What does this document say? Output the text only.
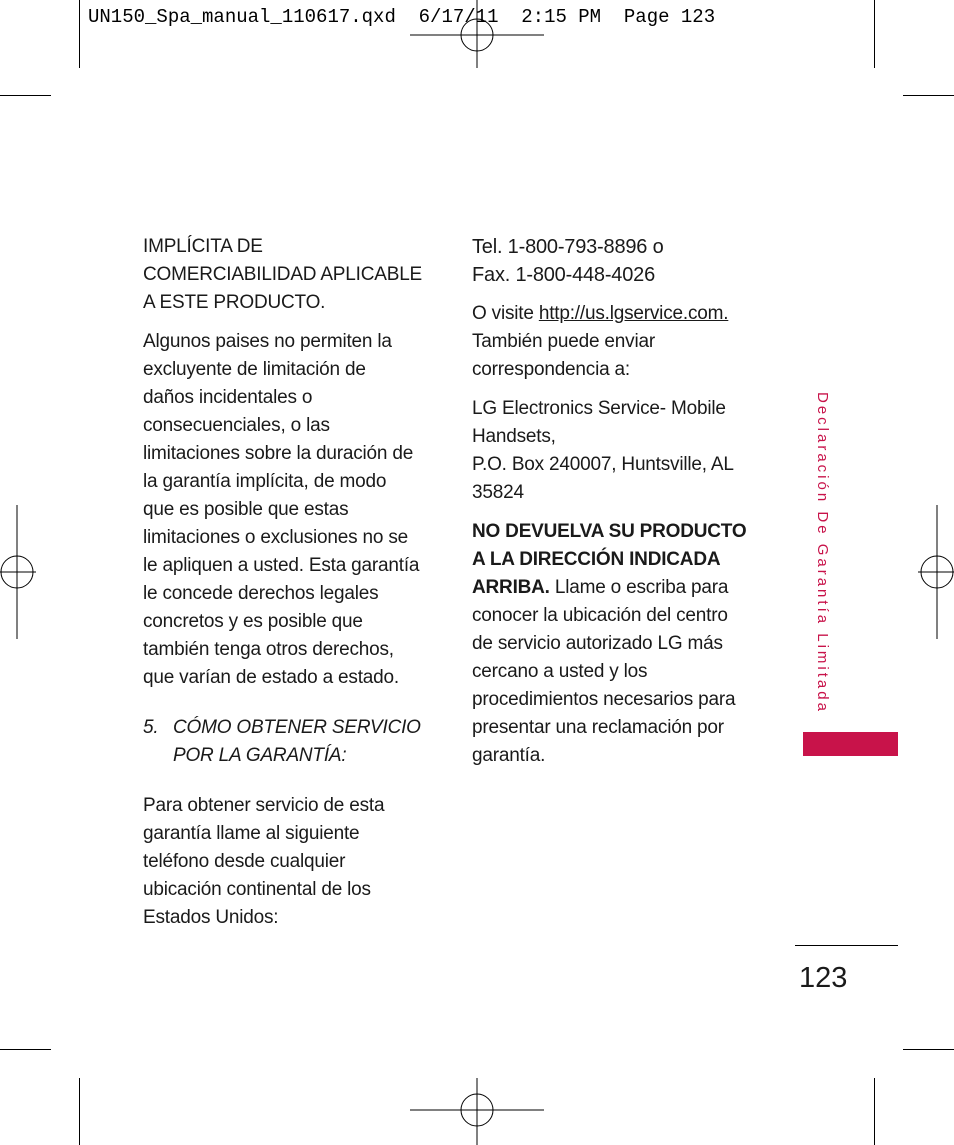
UN150_Spa_manual_110617.qxd  6/17/11  2:15 PM  Page 123

IMPLÍCITA DE
COMERCIABILIDAD APLICABLE
A ESTE PRODUCTO.

Algunos paises no permiten la
excluyente de limitación de
daños incidentales o
consecuenciales, o las
limitaciones sobre la duración de
la garantía implícita, de modo
que es posible que estas
limitaciones o exclusiones no se
le apliquen a usted. Esta garantía
le concede derechos legales
concretos y es posible que
también tenga otros derechos,
que varían de estado a estado.

5. CÓMO OBTENER SERVICIO
POR LA GARANTÍA:

Para obtener servicio de esta
garantía llame al siguiente
teléfono desde cualquier
ubicación continental de los
Estados Unidos:

Tel. 1-800-793-8896 o
Fax. 1-800-448-4026

O visite http://us.lgservice.com.
También puede enviar
correspondencia a:

LG Electronics Service- Mobile
Handsets,
P.O. Box 240007, Huntsville, AL
35824

NO DEVUELVA SU PRODUCTO
A LA DIRECCIÓN INDICADA
ARRIBA. Llame o escriba para
conocer la ubicación del centro
de servicio autorizado LG más
cercano a usted y los
procedimientos necesarios para
presentar una reclamación por
garantía.

Declaración De Garantía Limitada
123
